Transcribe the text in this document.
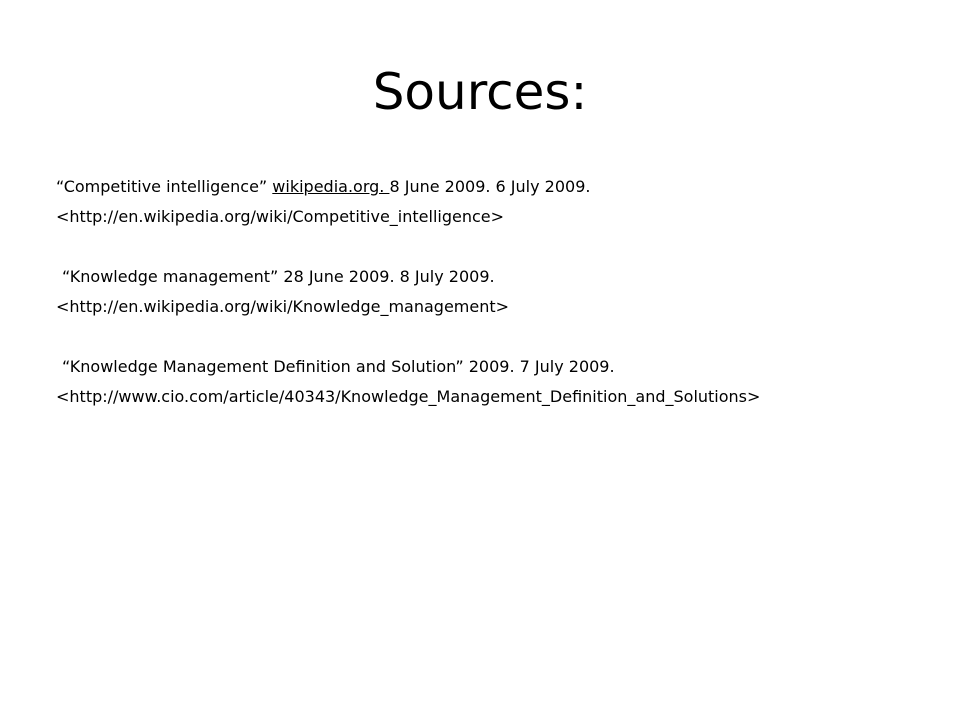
Sources:
“Competitive intelligence” wikipedia.org. 8 June 2009. 6 July 2009.
<http://en.wikipedia.org/wiki/Competitive_intelligence>
“Knowledge management” 28 June 2009. 8 July 2009.
<http://en.wikipedia.org/wiki/Knowledge_management>
“Knowledge Management Definition and Solution” 2009. 7 July 2009.
<http://www.cio.com/article/40343/Knowledge_Management_Definition_and_Solutions>
